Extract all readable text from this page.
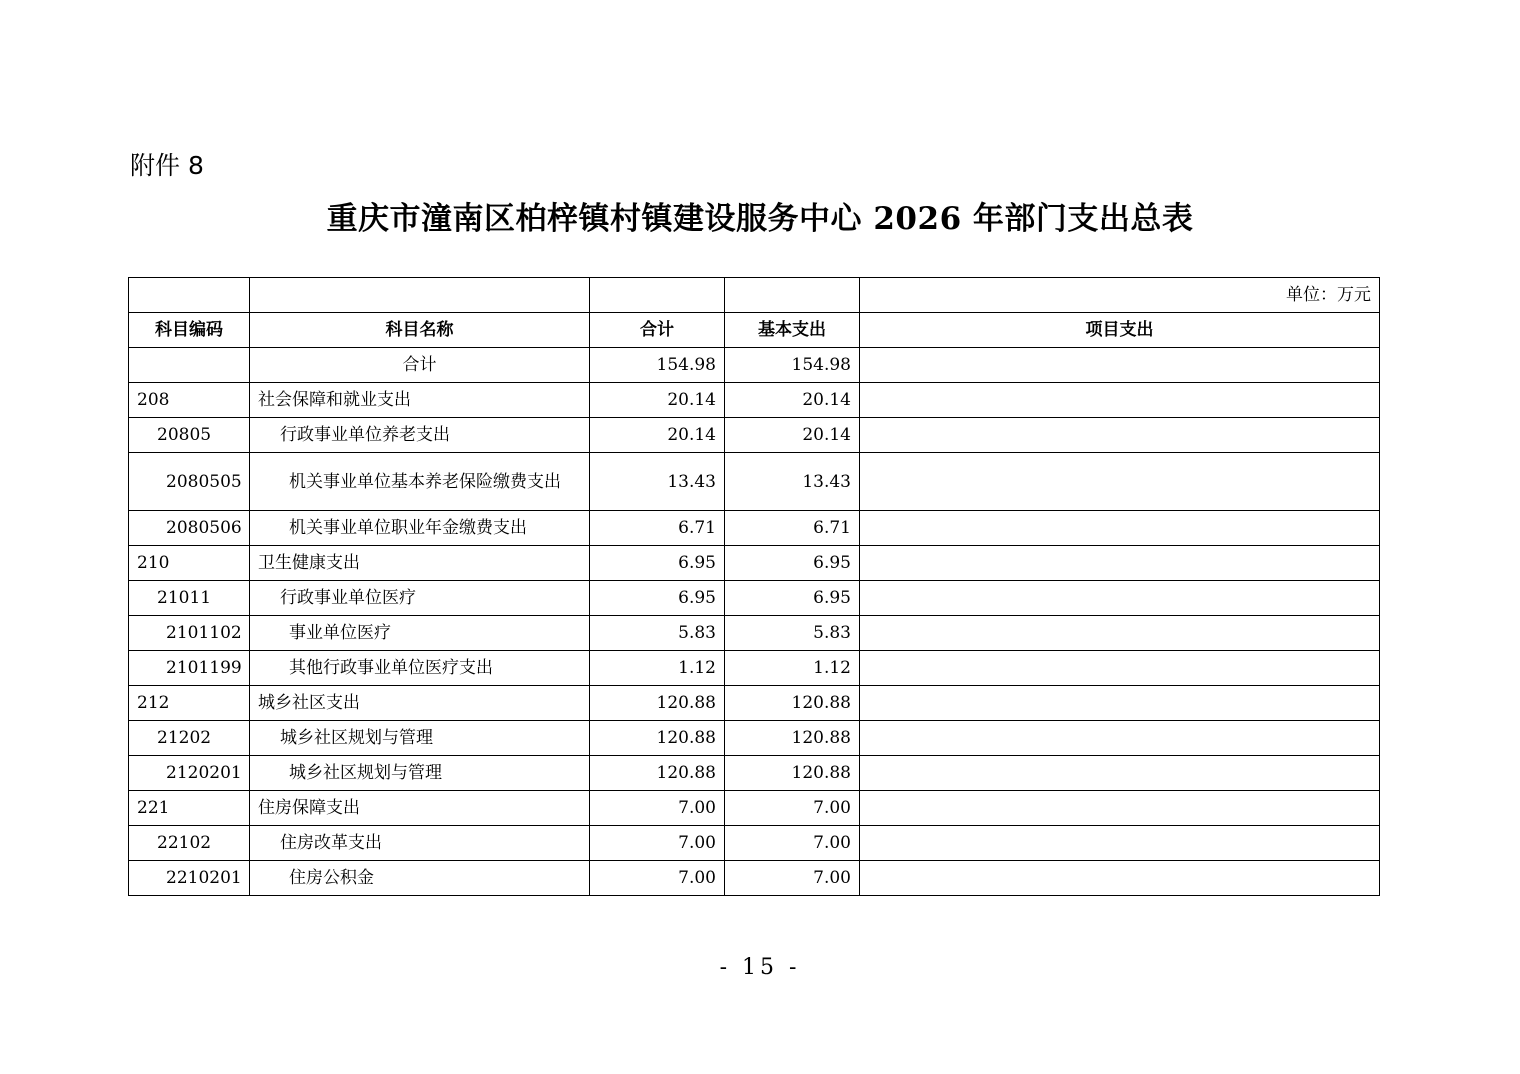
附件 8
重庆市潼南区柏梓镇村镇建设服务中心 2026 年部门支出总表
				单位：万元
科目编码	科目名称	合计	基本支出	项目支出
	合计	154.98	154.98	
208	社会保障和就业支出	20.14	20.14	
20805	行政事业单位养老支出	20.14	20.14	
2080505	机关事业单位基本养老保险缴费支出	13.43	13.43	
2080506	机关事业单位职业年金缴费支出	6.71	6.71	
210	卫生健康支出	6.95	6.95	
21011	行政事业单位医疗	6.95	6.95	
2101102	事业单位医疗	5.83	5.83	
2101199	其他行政事业单位医疗支出	1.12	1.12	
212	城乡社区支出	120.88	120.88	
21202	城乡社区规划与管理	120.88	120.88	
2120201	城乡社区规划与管理	120.88	120.88	
221	住房保障支出	7.00	7.00	
22102	住房改革支出	7.00	7.00	
2210201	住房公积金	7.00	7.00	
- 15 -
